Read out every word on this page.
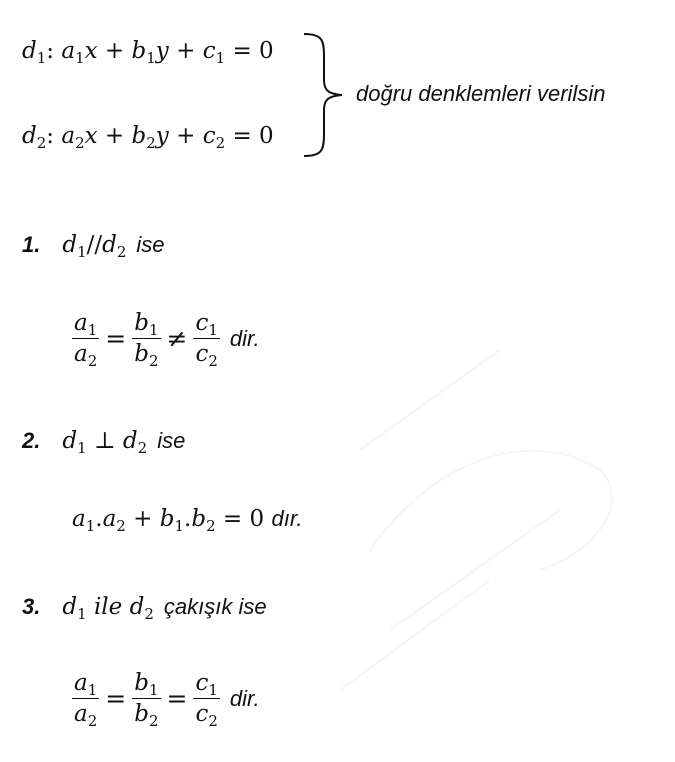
$d_1$: $a_1x + b_1y + c_1 = 0$
$d_2$: $a_2x + b_2y + c_2 = 0$
doğru denklemleri verilsin
1. $d_1//d_2$ ise
$\frac{a_1}{a_2} = \frac{b_1}{b_2} \ne \frac{c_1}{c_2}$ dir.
2. $d_1$ ⊥ $d_2$ ise
$a_1.a_2 + b_1.b_2 = 0$ dır.
3. $d_1$ ile $d_2$ çakışık ise
$\frac{a_1}{a_2} = \frac{b_1}{b_2} = \frac{c_1}{c_2}$ dir.
